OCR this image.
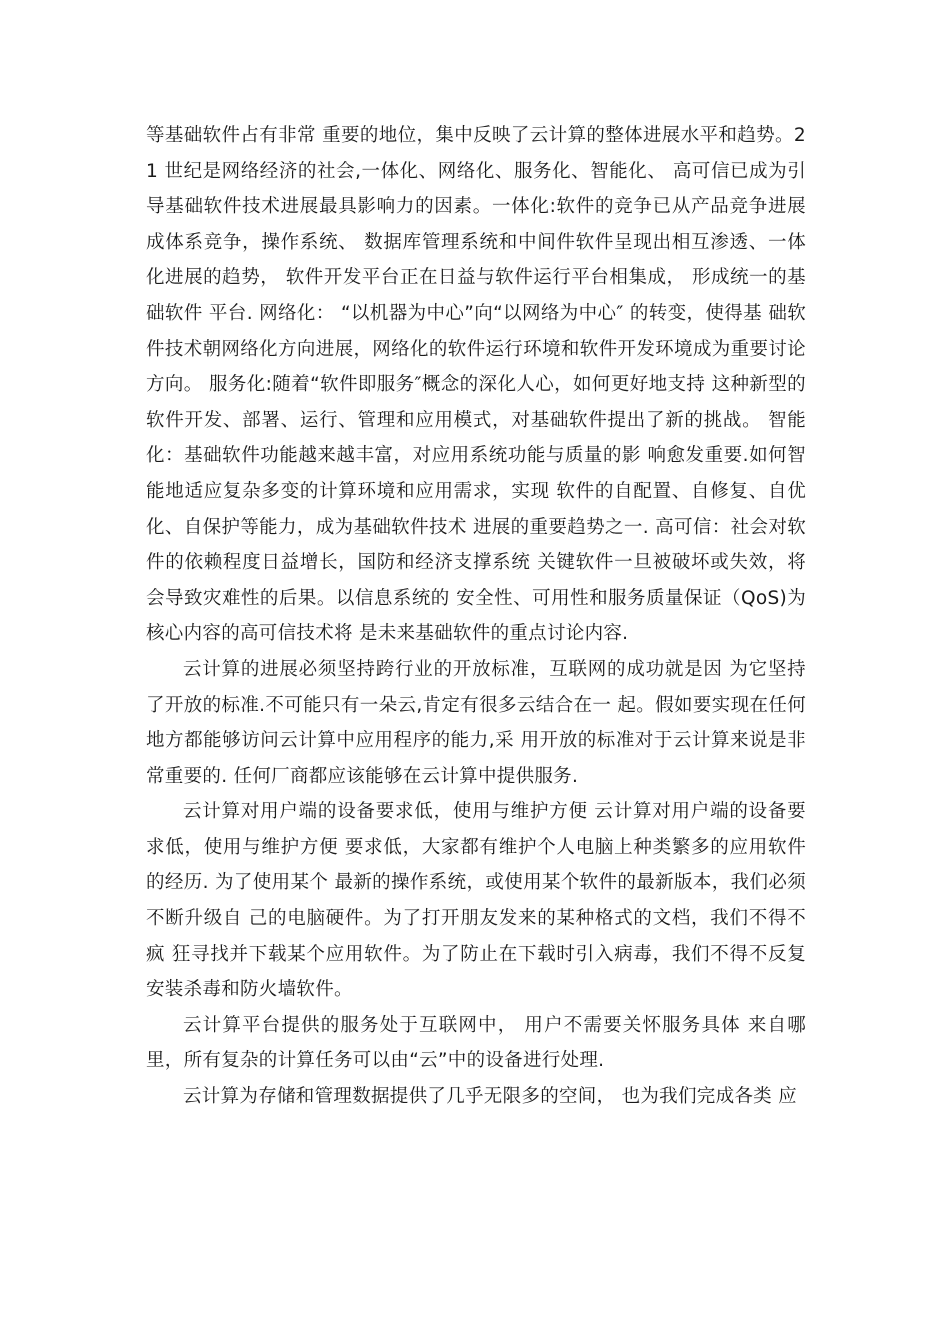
等基础软件占有非常 重要的地位，集中反映了云计算的整体进展水平和趋势。21 世纪是网络经济的社会,一体化、网络化、服务化、智能化、 高可信已成为引导基础软件技术进展最具影响力的因素。一体化:软件的竞争已从产品竞争进展成体系竞争，操作系统、 数据库管理系统和中间件软件呈现出相互渗透、一体化进展的趋势， 软件开发平台正在日益与软件运行平台相集成， 形成统一的基础软件 平台. 网络化： “以机器为中心”向“以网络为中心″ 的转变，使得基 础软件技术朝网络化方向进展，网络化的软件运行环境和软件开发环境成为重要讨论方向。 服务化:随着“软件即服务″概念的深化人心，如何更好地支持 这种新型的软件开发、部署、运行、管理和应用模式，对基础软件提出了新的挑战。 智能化：基础软件功能越来越丰富，对应用系统功能与质量的影 响愈发重要.如何智能地适应复杂多变的计算环境和应用需求，实现 软件的自配置、自修复、自优化、自保护等能力，成为基础软件技术 进展的重要趋势之一. 高可信：社会对软件的依赖程度日益增长，国防和经济支撑系统 关键软件一旦被破坏或失效，将会导致灾难性的后果。以信息系统的 安全性、可用性和服务质量保证（QoS)为核心内容的高可信技术将 是未来基础软件的重点讨论内容.

云计算的进展必须坚持跨行业的开放标准，互联网的成功就是因 为它坚持了开放的标准.不可能只有一朵云,肯定有很多云结合在一 起。假如要实现在任何地方都能够访问云计算中应用程序的能力,采 用开放的标准对于云计算来说是非常重要的. 任何厂商都应该能够在云计算中提供服务.

云计算对用户端的设备要求低，使用与维护方便 云计算对用户端的设备要求低，使用与维护方便 要求低，大家都有维护个人电脑上种类繁多的应用软件的经历. 为了使用某个 最新的操作系统，或使用某个软件的最新版本，我们必须不断升级自 己的电脑硬件。为了打开朋友发来的某种格式的文档，我们不得不疯 狂寻找并下载某个应用软件。为了防止在下载时引入病毒，我们不得不反复安装杀毒和防火墙软件。

云计算平台提供的服务处于互联网中， 用户不需要关怀服务具体 来自哪里，所有复杂的计算任务可以由“云”中的设备进行处理.

云计算为存储和管理数据提供了几乎无限多的空间， 也为我们完成各类 应
